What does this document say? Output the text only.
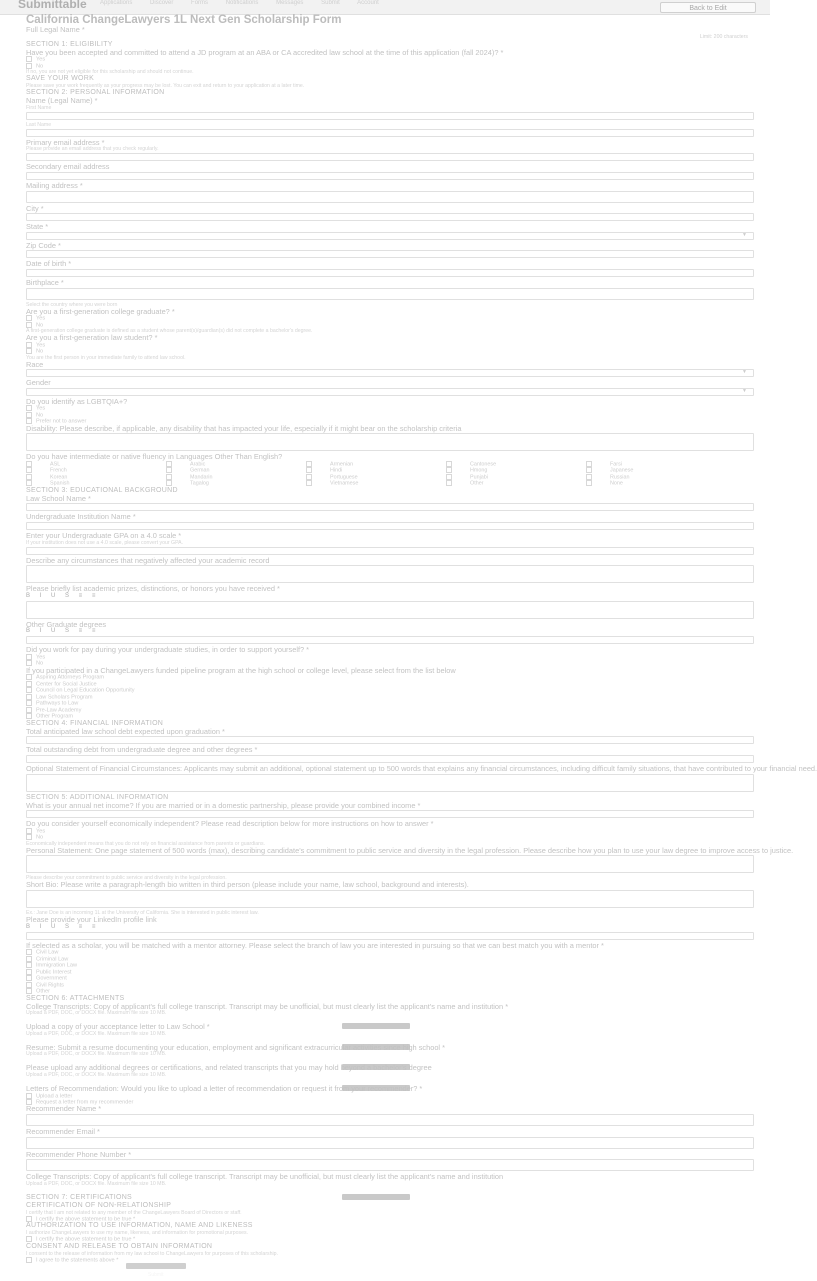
Submittable Applications	Discover	Forms	Notifications	Messages	Submit	Account
Back to Edit
California ChangeLawyers 1L Next Gen Scholarship Form
Full Legal Name *
Limit: 200 characters
SECTION 1: ELIGIBILITY
Have you been accepted and committed to attend a JD program at an ABA or CA accredited law school at the time of this application (fall 2024)? *
Yes
No
If no, you are not yet eligible for this scholarship and should not continue.
SAVE YOUR WORK
Please save your work frequently as your progress may be lost. You can exit and return to your application at a later time.
SECTION 2: PERSONAL INFORMATION
Name (Legal Name) *
First Name
Last Name
Primary email address *
Please provide an email address that you check regularly.
Secondary email address
Mailing address *
City *
State *
▼
Zip Code *
Date of birth *
Birthplace *
Select the country where you were born
Are you a first-generation college graduate? *
Yes
No
A first-generation college graduate is defined as a student whose parent(s)/guardian(s) did not complete a bachelor's degree.
Are you a first-generation law student? *
Yes
No
You are the first person in your immediate family to attend law school.
Race
▼
Gender
▼
Do you identify as LGBTQIA+?
Yes
No
Prefer not to answer
Disability: Please describe, if applicable, any disability that has impacted your life, especially if it might bear on the scholarship criteria
Do you have intermediate or native fluency in Languages Other Than English?
ASL	Arabic	Armenian	Cantonese	Farsi
French	German	Hindi	Hmong	Japanese
Korean	Mandarin	Portuguese	Punjabi	Russian
Spanish	Tagalog	Vietnamese	Other	None
SECTION 3: EDUCATIONAL BACKGROUND
Law School Name *
Undergraduate Institution Name *
Enter your Undergraduate GPA on a 4.0 scale *
If your institution does not use a 4.0 scale, please convert your GPA.
Describe any circumstances that negatively affected your academic record
Please briefly list academic prizes, distinctions, or honors you have received *
B I U S ≡ ≡
Other Graduate degrees
B I U S ≡ ≡
Did you work for pay during your undergraduate studies, in order to support yourself? *
Yes
No
If you participated in a ChangeLawyers funded pipeline program at the high school or college level, please select from the list below
Aspiring Attorneys Program
Center for Social Justice
Council on Legal Education Opportunity
Law Scholars Program
Pathways to Law
Pre-Law Academy
Other Program
SECTION 4: FINANCIAL INFORMATION
Total anticipated law school debt expected upon graduation *
Total outstanding debt from undergraduate degree and other degrees *
Optional Statement of Financial Circumstances: Applicants may submit an additional, optional statement up to 500 words that explains any financial circumstances, including difficult family situations, that have contributed to your financial need.
SECTION 5: ADDITIONAL INFORMATION
What is your annual net income? If you are married or in a domestic partnership, please provide your combined income *
Do you consider yourself economically independent? Please read description below for more instructions on how to answer *
Yes
No
Economically independent means that you do not rely on financial assistance from parents or guardians.
Personal Statement: One page statement of 500 words (max), describing candidate's commitment to public service and diversity in the legal profession. Please describe how you plan to use your law degree to improve access to justice.
Please describe your commitment to public service and diversity in the legal profession.
Short Bio: Please write a paragraph-length bio written in third person (please include your name, law school, background and interests).
Ex.: Jane Doe is an incoming 1L at the University of California. She is interested in public interest law.
Please provide your LinkedIn profile link
B I U S ≡ ≡
If selected as a scholar, you will be matched with a mentor attorney. Please select the branch of law you are interested in pursuing so that we can best match you with a mentor *
Civil Law
Criminal Law
Immigration Law
Public Interest
Government
Civil Rights
Other
SECTION 6: ATTACHMENTS
College Transcripts: Copy of applicant's full college transcript. Transcript may be unofficial, but must clearly list the applicant's name and institution *
Upload a PDF, DOC, or DOCX file. Maximum file size 10 MB.
Upload a copy of your acceptance letter to Law School *
Upload a PDF, DOC, or DOCX file. Maximum file size 10 MB.
Resume: Submit a resume documenting your education, employment and significant extracurricular activities since high school *
Upload a PDF, DOC, or DOCX file. Maximum file size 10 MB.
Please upload any additional degrees or certifications, and related transcripts that you may hold beyond a bachelor's degree
Upload a PDF, DOC, or DOCX file. Maximum file size 10 MB.
Letters of Recommendation: Would you like to upload a letter of recommendation or request it from your recommender? *
Upload a letter
Request a letter from my recommender
Recommender Name *
Recommender Email *
Recommender Phone Number *
College Transcripts: Copy of applicant's full college transcript. Transcript may be unofficial, but must clearly list the applicant's name and institution
Upload a PDF, DOC, or DOCX file. Maximum file size 10 MB.
SECTION 7: CERTIFICATIONS
CERTIFICATION OF NON-RELATIONSHIP
I certify that I am not related to any member of the ChangeLawyers Board of Directors or staff.
I certify the above statement to be true *
AUTHORIZATION TO USE INFORMATION, NAME AND LIKENESS
I authorize ChangeLawyers to use my name, likeness, and information for promotional purposes.
I certify the above statement to be true *
CONSENT AND RELEASE TO OBTAIN INFORMATION
I consent to the release of information from my law school to ChangeLawyers for purposes of this scholarship.
I agree to the statements above *
Submit
